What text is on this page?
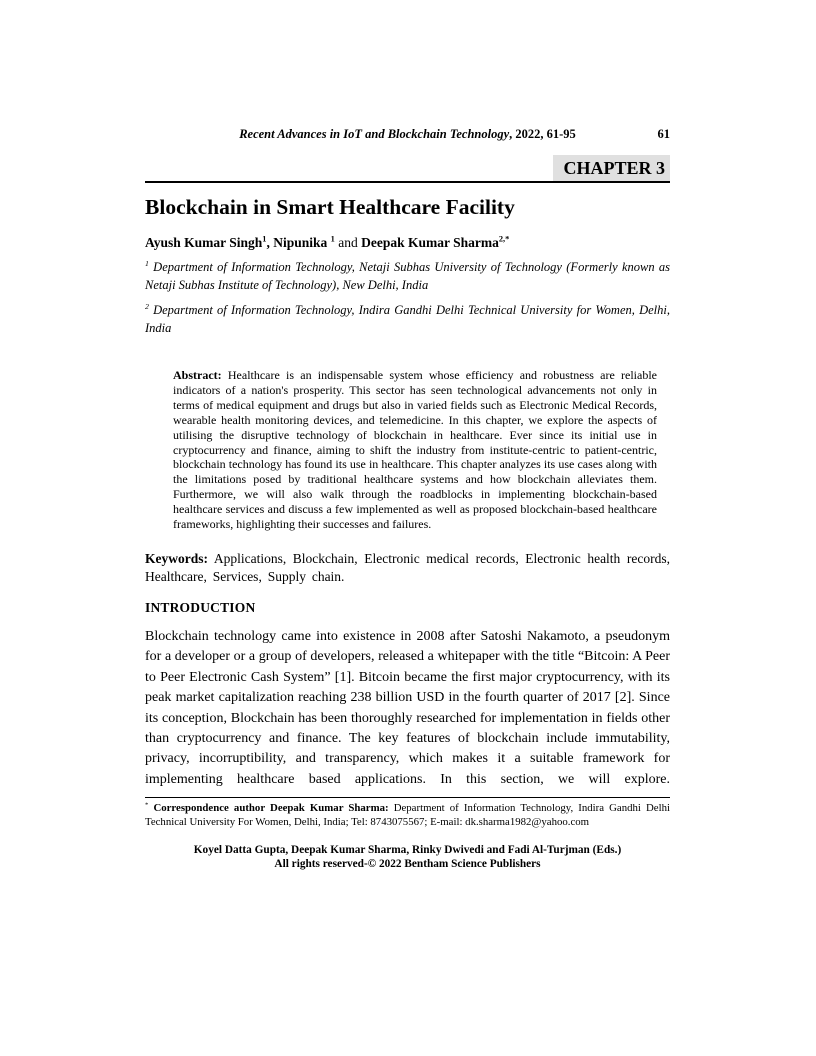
Recent Advances in IoT and Blockchain Technology, 2022, 61-95	61
CHAPTER 3
Blockchain in Smart Healthcare Facility

Ayush Kumar Singh$^1$, Nipunika $^1$ and Deepak Kumar Sharma$^{2,*}$

$^1$ Department of Information Technology, Netaji Subhas University of Technology (Formerly known as Netaji Subhas Institute of Technology), New Delhi, India

$^2$ Department of Information Technology, Indira Gandhi Delhi Technical University for Women, Delhi, India

Abstract: Healthcare is an indispensable system whose efficiency and robustness are reliable indicators of a nation's prosperity. This sector has seen technological advancements not only in terms of medical equipment and drugs but also in varied fields such as Electronic Medical Records, wearable health monitoring devices, and telemedicine. In this chapter, we explore the aspects of utilising the disruptive technology of blockchain in healthcare. Ever since its initial use in cryptocurrency and finance, aiming to shift the industry from institute-centric to patient-centric, blockchain technology has found its use in healthcare. This chapter analyzes its use cases along with the limitations posed by traditional healthcare systems and how blockchain alleviates them. Furthermore, we will also walk through the roadblocks in implementing blockchain-based healthcare services and discuss a few implemented as well as proposed blockchain-based healthcare frameworks, highlighting their successes and failures.

Keywords: Applications, Blockchain, Electronic medical records, Electronic health records, Healthcare, Services, Supply chain.

INTRODUCTION

Blockchain technology came into existence in 2008 after Satoshi Nakamoto, a pseudonym for a developer or a group of developers, released a whitepaper with the title “Bitcoin: A Peer to Peer Electronic Cash System” [1]. Bitcoin became the first major cryptocurrency, with its peak market capitalization reaching 238 billion USD in the fourth quarter of 2017 [2]. Since its conception, Blockchain has been thoroughly researched for implementation in fields other than cryptocurrency and finance. The key features of blockchain include immutability, privacy, incorruptibility, and transparency, which makes it a suitable framework for implementing healthcare based applications. In this section, we will explore.

* Correspondence author Deepak Kumar Sharma: Department of Information Technology, Indira Gandhi Delhi Technical University For Women, Delhi, India; Tel: 8743075567; E-mail: dk.sharma1982@yahoo.com

Koyel Datta Gupta, Deepak Kumar Sharma, Rinky Dwivedi and Fadi Al-Turjman (Eds.)
All rights reserved-© 2022 Bentham Science Publishers
